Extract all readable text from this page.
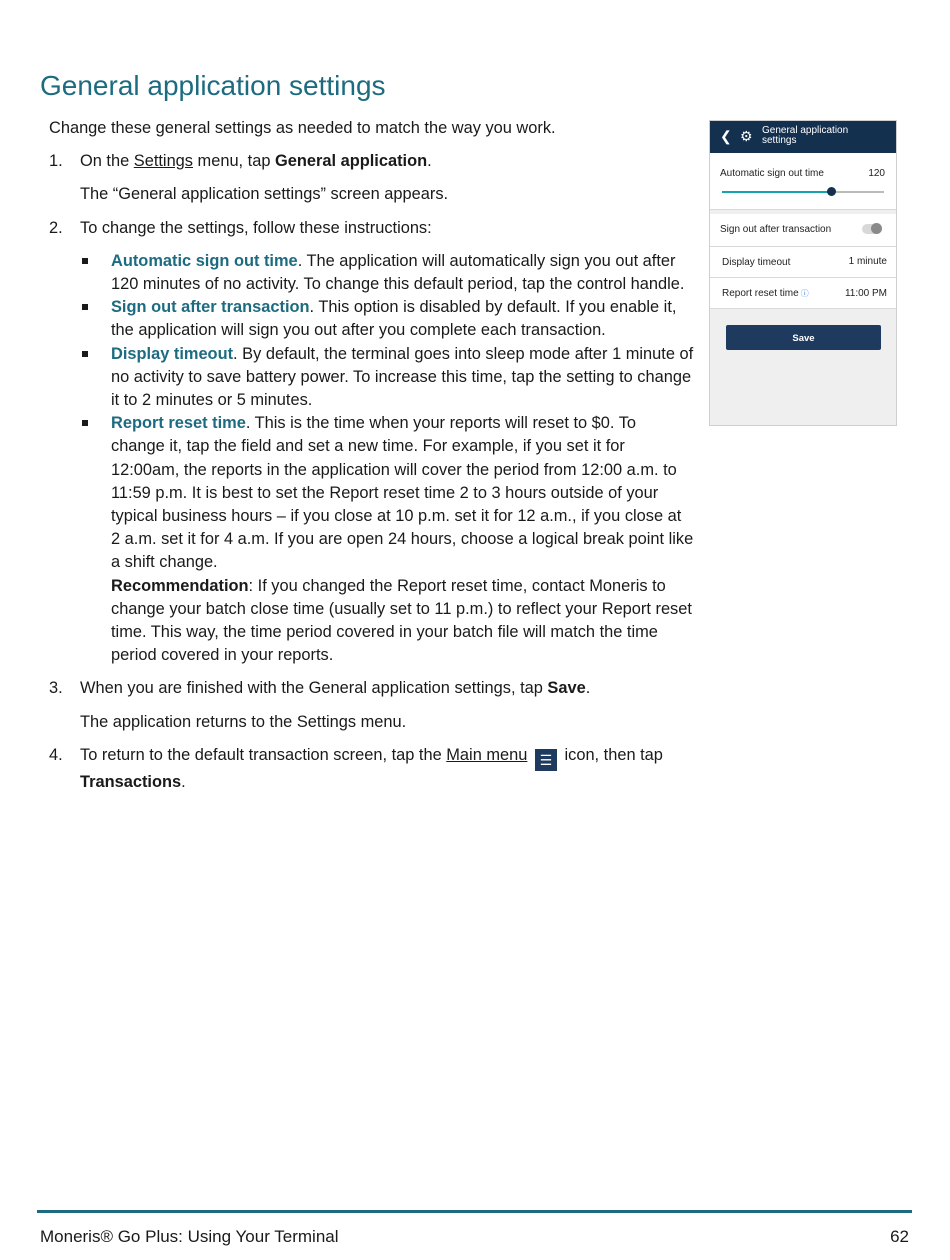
General application settings

Change these general settings as needed to match the way you work.

1. On the Settings menu, tap General application.

The “General application settings” screen appears.

2. To change the settings, follow these instructions:

Automatic sign out time. The application will automatically sign you out after 120 minutes of no activity. To change this default period, tap the control handle.
Sign out after transaction. This option is disabled by default. If you enable it, the application will sign you out after you complete each transaction.
Display timeout. By default, the terminal goes into sleep mode after 1 minute of no activity to save battery power. To increase this time, tap the setting to change it to 2 minutes or 5 minutes.
Report reset time. This is the time when your reports will reset to $0. To change it, tap the field and set a new time. For example, if you set it for 12:00am, the reports in the application will cover the period from 12:00 a.m. to 11:59 p.m. It is best to set the Report reset time 2 to 3 hours outside of your typical business hours – if you close at 10 p.m. set it for 12 a.m., if you close at 2 a.m. set it for 4 a.m. If you are open 24 hours, choose a logical break point like a shift change.
Recommendation: If you changed the Report reset time, contact Moneris to change your batch close time (usually set to 11 p.m.) to reflect your Report reset time. This way, the time period covered in your batch file will match the time period covered in your reports.
3. When you are finished with the General application settings, tap Save.

The application returns to the Settings menu.

4. To return to the default transaction screen, tap the Main menu ☰ icon, then tap Transactions.

❮ ⚙ General application settings
Automatic sign out time	120
Sign out after transaction
Display timeout	1 minute
Report reset time ⓘ	11:00 PM
Save
Moneris® Go Plus: Using Your Terminal	62
